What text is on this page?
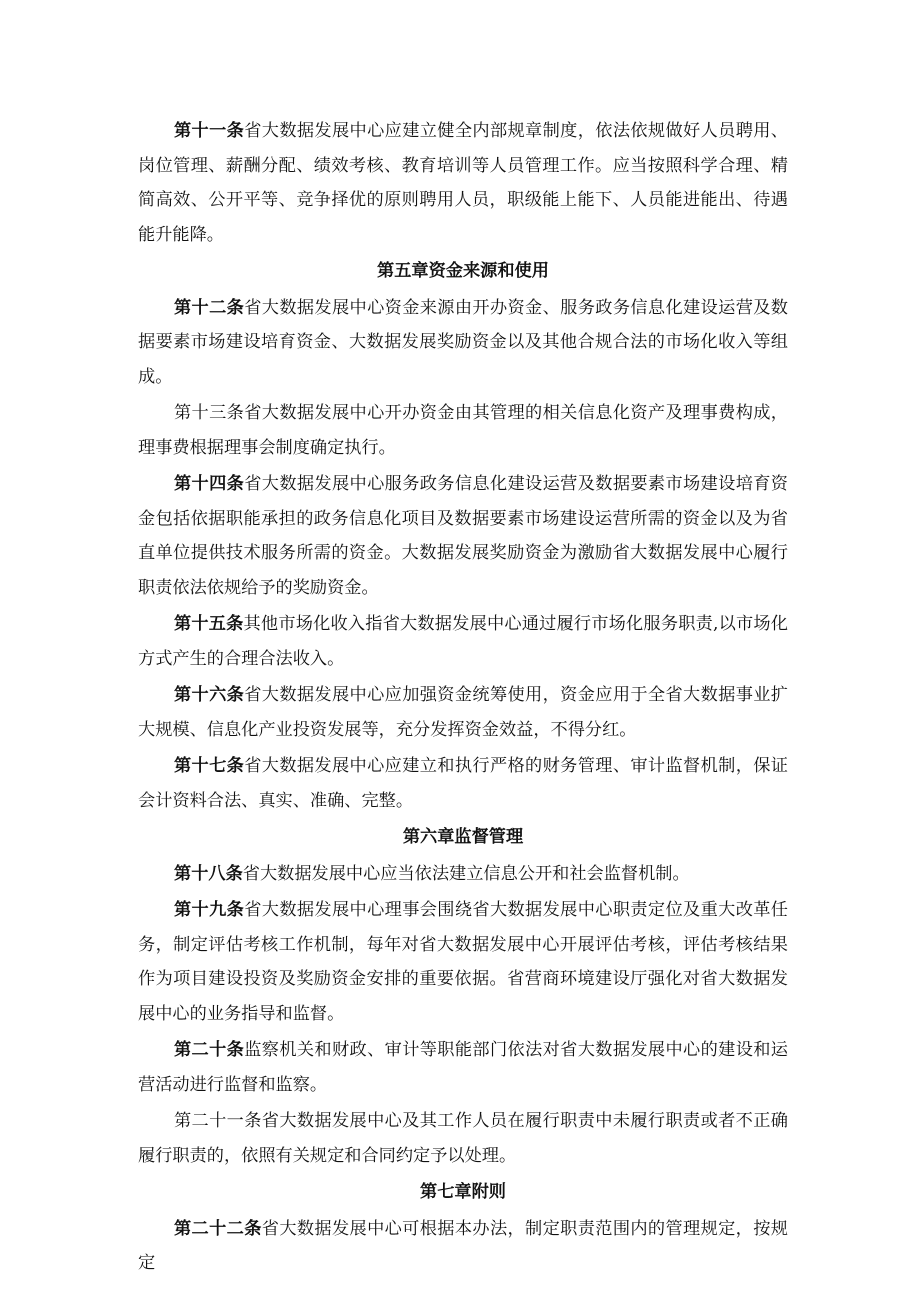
第十一条省大数据发展中心应建立健全内部规章制度，依法依规做好人员聘用、岗位管理、薪酬分配、绩效考核、教育培训等人员管理工作。应当按照科学合理、精简高效、公开平等、竞争择优的原则聘用人员，职级能上能下、人员能进能出、待遇能升能降。

第五章资金来源和使用

第十二条省大数据发展中心资金来源由开办资金、服务政务信息化建设运营及数据要素市场建设培育资金、大数据发展奖励资金以及其他合规合法的市场化收入等组成。

第十三条省大数据发展中心开办资金由其管理的相关信息化资产及理事费构成，理事费根据理事会制度确定执行。

第十四条省大数据发展中心服务政务信息化建设运营及数据要素市场建设培育资金包括依据职能承担的政务信息化项目及数据要素市场建设运营所需的资金以及为省直单位提供技术服务所需的资金。大数据发展奖励资金为激励省大数据发展中心履行职责依法依规给予的奖励资金。

第十五条其他市场化收入指省大数据发展中心通过履行市场化服务职责,以市场化方式产生的合理合法收入。

第十六条省大数据发展中心应加强资金统筹使用，资金应用于全省大数据事业扩大规模、信息化产业投资发展等，充分发挥资金效益，不得分红。

第十七条省大数据发展中心应建立和执行严格的财务管理、审计监督机制，保证会计资料合法、真实、准确、完整。

第六章监督管理

第十八条省大数据发展中心应当依法建立信息公开和社会监督机制。

第十九条省大数据发展中心理事会围绕省大数据发展中心职责定位及重大改革任务，制定评估考核工作机制，每年对省大数据发展中心开展评估考核，评估考核结果作为项目建设投资及奖励资金安排的重要依据。省营商环境建设厅强化对省大数据发展中心的业务指导和监督。

第二十条监察机关和财政、审计等职能部门依法对省大数据发展中心的建设和运营活动进行监督和监察。

第二十一条省大数据发展中心及其工作人员在履行职责中未履行职责或者不正确履行职责的，依照有关规定和合同约定予以处理。

第七章附则

第二十二条省大数据发展中心可根据本办法，制定职责范围内的管理规定，按规定
